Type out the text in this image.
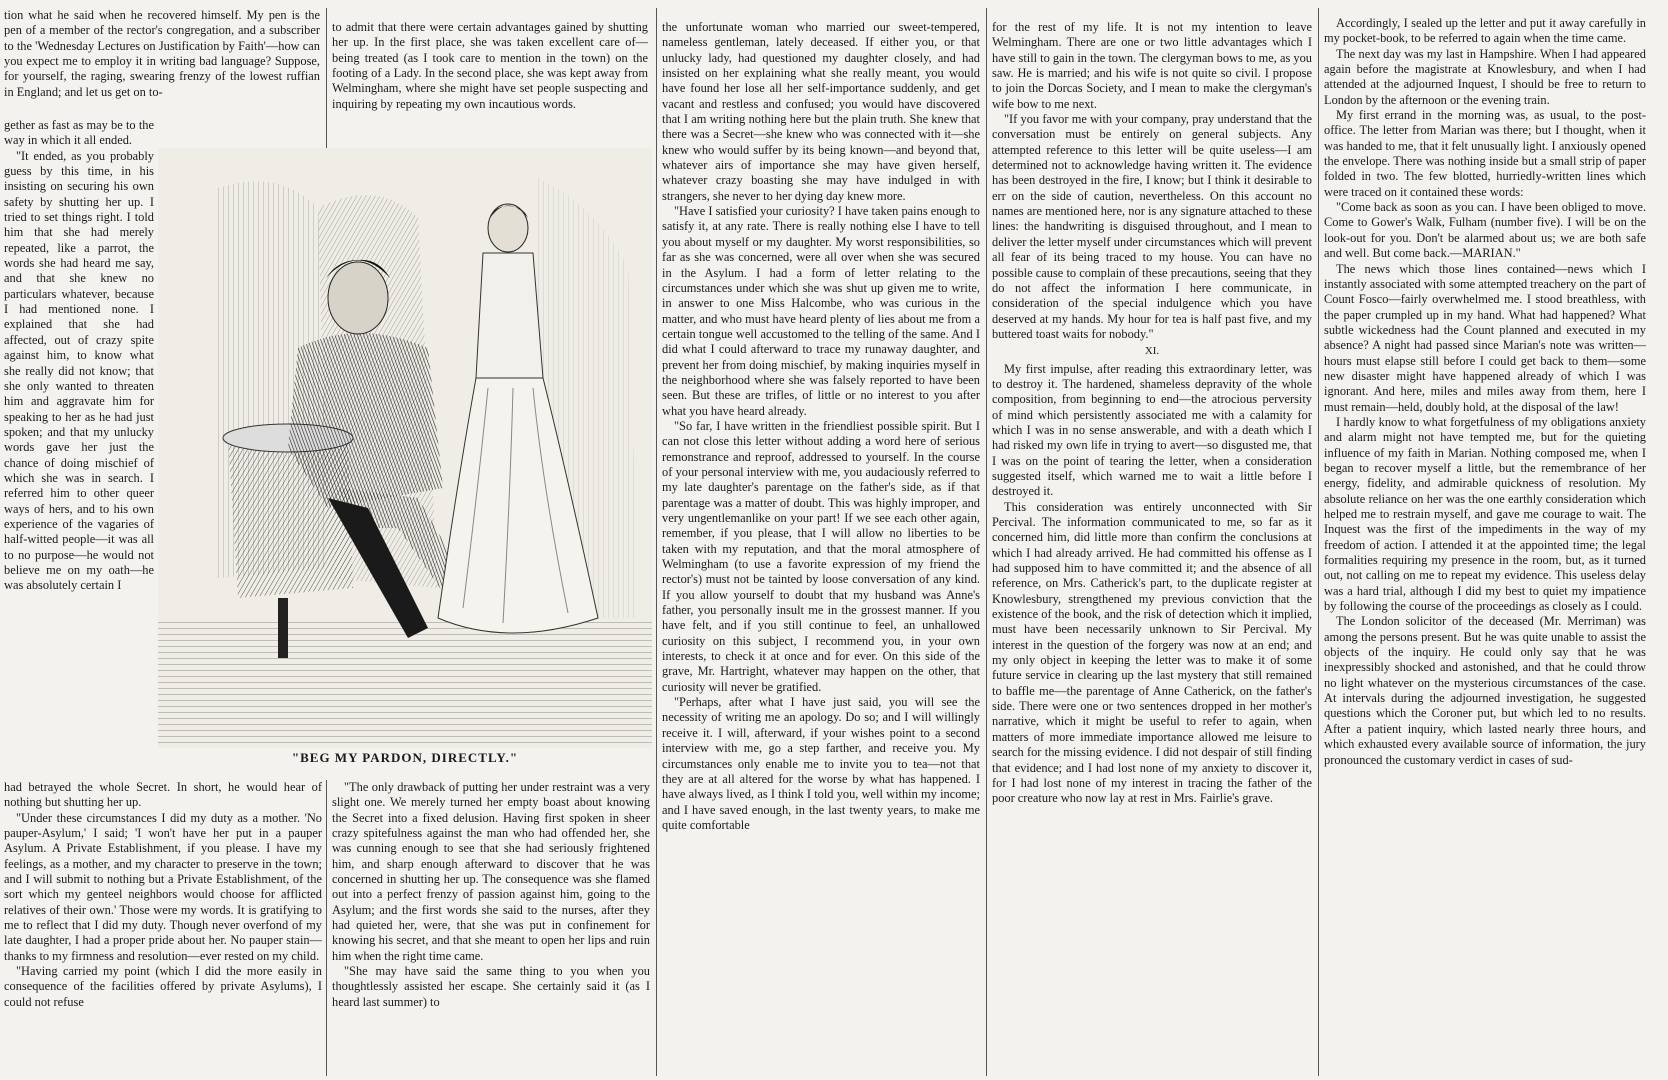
tion what he said when he recovered himself. My pen is the pen of a member of the rector's congregation, and a subscriber to the 'Wednesday Lectures on Justification by Faith'—how can you expect me to employ it in writing bad language? Suppose, for yourself, the raging, swearing frenzy of the lowest ruffian in England; and let us get on to-

gether as fast as may be to the way in which it all ended.

"It ended, as you probably guess by this time, in his insisting on securing his own safety by shutting her up. I tried to set things right. I told him that she had merely repeated, like a parrot, the words she had heard me say, and that she knew no particulars whatever, because I had mentioned none. I explained that she had affected, out of crazy spite against him, to know what she really did not know; that she only wanted to threaten him and aggravate him for speaking to her as he had just spoken; and that my unlucky words gave her just the chance of doing mischief of which she was in search. I referred him to other queer ways of hers, and to his own experience of the vagaries of half-witted people—it was all to no purpose—he would not believe me on my oath—he was absolutely certain I

had betrayed the whole Secret. In short, he would hear of nothing but shutting her up.

"Under these circumstances I did my duty as a mother. 'No pauper-Asylum,' I said; 'I won't have her put in a pauper Asylum. A Private Establishment, if you please. I have my feelings, as a mother, and my character to preserve in the town; and I will submit to nothing but a Private Establishment, of the sort which my genteel neighbors would choose for afflicted relatives of their own.' Those were my words. It is gratifying to me to reflect that I did my duty. Though never overfond of my late daughter, I had a proper pride about her. No pauper stain—thanks to my firmness and resolution—ever rested on my child.

"Having carried my point (which I did the more easily in consequence of the facilities offered by private Asylums), I could not refuse

to admit that there were certain advantages gained by shutting her up. In the first place, she was taken excellent care of—being treated (as I took care to mention in the town) on the footing of a Lady. In the second place, she was kept away from Welmingham, where she might have set people suspecting and inquiring by repeating my own incautious words.

"BEG MY PARDON, DIRECTLY."

"The only drawback of putting her under restraint was a very slight one. We merely turned her empty boast about knowing the Secret into a fixed delusion. Having first spoken in sheer crazy spitefulness against the man who had offended her, she was cunning enough to see that she had seriously frightened him, and sharp enough afterward to discover that he was concerned in shutting her up. The consequence was she flamed out into a perfect frenzy of passion against him, going to the Asylum; and the first words she said to the nurses, after they had quieted her, were, that she was put in confinement for knowing his secret, and that she meant to open her lips and ruin him when the right time came.

"She may have said the same thing to you when you thoughtlessly assisted her escape. She certainly said it (as I heard last summer) to

the unfortunate woman who married our sweet-tempered, nameless gentleman, lately deceased. If either you, or that unlucky lady, had questioned my daughter closely, and had insisted on her explaining what she really meant, you would have found her lose all her self-importance suddenly, and get vacant and restless and confused; you would have discovered that I am writing nothing here but the plain truth. She knew that there was a Secret—she knew who was connected with it—she knew who would suffer by its being known—and beyond that, whatever airs of importance she may have given herself, whatever crazy boasting she may have indulged in with strangers, she never to her dying day knew more.

"Have I satisfied your curiosity? I have taken pains enough to satisfy it, at any rate. There is really nothing else I have to tell you about myself or my daughter. My worst responsibilities, so far as she was concerned, were all over when she was secured in the Asylum. I had a form of letter relating to the circumstances under which she was shut up given me to write, in answer to one Miss Halcombe, who was curious in the matter, and who must have heard plenty of lies about me from a certain tongue well accustomed to the telling of the same. And I did what I could afterward to trace my runaway daughter, and prevent her from doing mischief, by making inquiries myself in the neighborhood where she was falsely reported to have been seen. But these are trifles, of little or no interest to you after what you have heard already.

"So far, I have written in the friendliest possible spirit. But I can not close this letter without adding a word here of serious remonstrance and reproof, addressed to yourself. In the course of your personal interview with me, you audaciously referred to my late daughter's parentage on the father's side, as if that parentage was a matter of doubt. This was highly improper, and very ungentlemanlike on your part! If we see each other again, remember, if you please, that I will allow no liberties to be taken with my reputation, and that the moral atmosphere of Welmingham (to use a favorite expression of my friend the rector's) must not be tainted by loose conversation of any kind. If you allow yourself to doubt that my husband was Anne's father, you personally insult me in the grossest manner. If you have felt, and if you still continue to feel, an unhallowed curiosity on this subject, I recommend you, in your own interests, to check it at once and for ever. On this side of the grave, Mr. Hartright, whatever may happen on the other, that curiosity will never be gratified.

"Perhaps, after what I have just said, you will see the necessity of writing me an apology. Do so; and I will willingly receive it. I will, afterward, if your wishes point to a second interview with me, go a step farther, and receive you. My circumstances only enable me to invite you to tea—not that they are at all altered for the worse by what has happened. I have always lived, as I think I told you, well within my income; and I have saved enough, in the last twenty years, to make me quite comfortable

for the rest of my life. It is not my intention to leave Welmingham. There are one or two little advantages which I have still to gain in the town. The clergyman bows to me, as you saw. He is married; and his wife is not quite so civil. I propose to join the Dorcas Society, and I mean to make the clergyman's wife bow to me next.

"If you favor me with your company, pray understand that the conversation must be entirely on general subjects. Any attempted reference to this letter will be quite useless—I am determined not to acknowledge having written it. The evidence has been destroyed in the fire, I know; but I think it desirable to err on the side of caution, nevertheless. On this account no names are mentioned here, nor is any signature attached to these lines: the handwriting is disguised throughout, and I mean to deliver the letter myself under circumstances which will prevent all fear of its being traced to my house. You can have no possible cause to complain of these precautions, seeing that they do not affect the information I here communicate, in consideration of the special indulgence which you have deserved at my hands. My hour for tea is half past five, and my buttered toast waits for nobody."

XI.

My first impulse, after reading this extraordinary letter, was to destroy it. The hardened, shameless depravity of the whole composition, from beginning to end—the atrocious perversity of mind which persistently associated me with a calamity for which I was in no sense answerable, and with a death which I had risked my own life in trying to avert—so disgusted me, that I was on the point of tearing the letter, when a consideration suggested itself, which warned me to wait a little before I destroyed it.

This consideration was entirely unconnected with Sir Percival. The information communicated to me, so far as it concerned him, did little more than confirm the conclusions at which I had already arrived. He had committed his offense as I had supposed him to have committed it; and the absence of all reference, on Mrs. Catherick's part, to the duplicate register at Knowlesbury, strengthened my previous conviction that the existence of the book, and the risk of detection which it implied, must have been necessarily unknown to Sir Percival. My interest in the question of the forgery was now at an end; and my only object in keeping the letter was to make it of some future service in clearing up the last mystery that still remained to baffle me—the parentage of Anne Catherick, on the father's side. There were one or two sentences dropped in her mother's narrative, which it might be useful to refer to again, when matters of more immediate importance allowed me leisure to search for the missing evidence. I did not despair of still finding that evidence; and I had lost none of my anxiety to discover it, for I had lost none of my interest in tracing the father of the poor creature who now lay at rest in Mrs. Fairlie's grave.

Accordingly, I sealed up the letter and put it away carefully in my pocket-book, to be referred to again when the time came.

The next day was my last in Hampshire. When I had appeared again before the magistrate at Knowlesbury, and when I had attended at the adjourned Inquest, I should be free to return to London by the afternoon or the evening train.

My first errand in the morning was, as usual, to the post-office. The letter from Marian was there; but I thought, when it was handed to me, that it felt unusually light. I anxiously opened the envelope. There was nothing inside but a small strip of paper folded in two. The few blotted, hurriedly-written lines which were traced on it contained these words:

"Come back as soon as you can. I have been obliged to move. Come to Gower's Walk, Fulham (number five). I will be on the look-out for you. Don't be alarmed about us; we are both safe and well. But come back.—MARIAN."

The news which those lines contained—news which I instantly associated with some attempted treachery on the part of Count Fosco—fairly overwhelmed me. I stood breathless, with the paper crumpled up in my hand. What had happened? What subtle wickedness had the Count planned and executed in my absence? A night had passed since Marian's note was written—hours must elapse still before I could get back to them—some new disaster might have happened already of which I was ignorant. And here, miles and miles away from them, here I must remain—held, doubly hold, at the disposal of the law!

I hardly know to what forgetfulness of my obligations anxiety and alarm might not have tempted me, but for the quieting influence of my faith in Marian. Nothing composed me, when I began to recover myself a little, but the remembrance of her energy, fidelity, and admirable quickness of resolution. My absolute reliance on her was the one earthly consideration which helped me to restrain myself, and gave me courage to wait. The Inquest was the first of the impediments in the way of my freedom of action. I attended it at the appointed time; the legal formalities requiring my presence in the room, but, as it turned out, not calling on me to repeat my evidence. This useless delay was a hard trial, although I did my best to quiet my impatience by following the course of the proceedings as closely as I could.

The London solicitor of the deceased (Mr. Merriman) was among the persons present. But he was quite unable to assist the objects of the inquiry. He could only say that he was inexpressibly shocked and astonished, and that he could throw no light whatever on the mysterious circumstances of the case. At intervals during the adjourned investigation, he suggested questions which the Coroner put, but which led to no results. After a patient inquiry, which lasted nearly three hours, and which exhausted every available source of information, the jury pronounced the customary verdict in cases of sud-
